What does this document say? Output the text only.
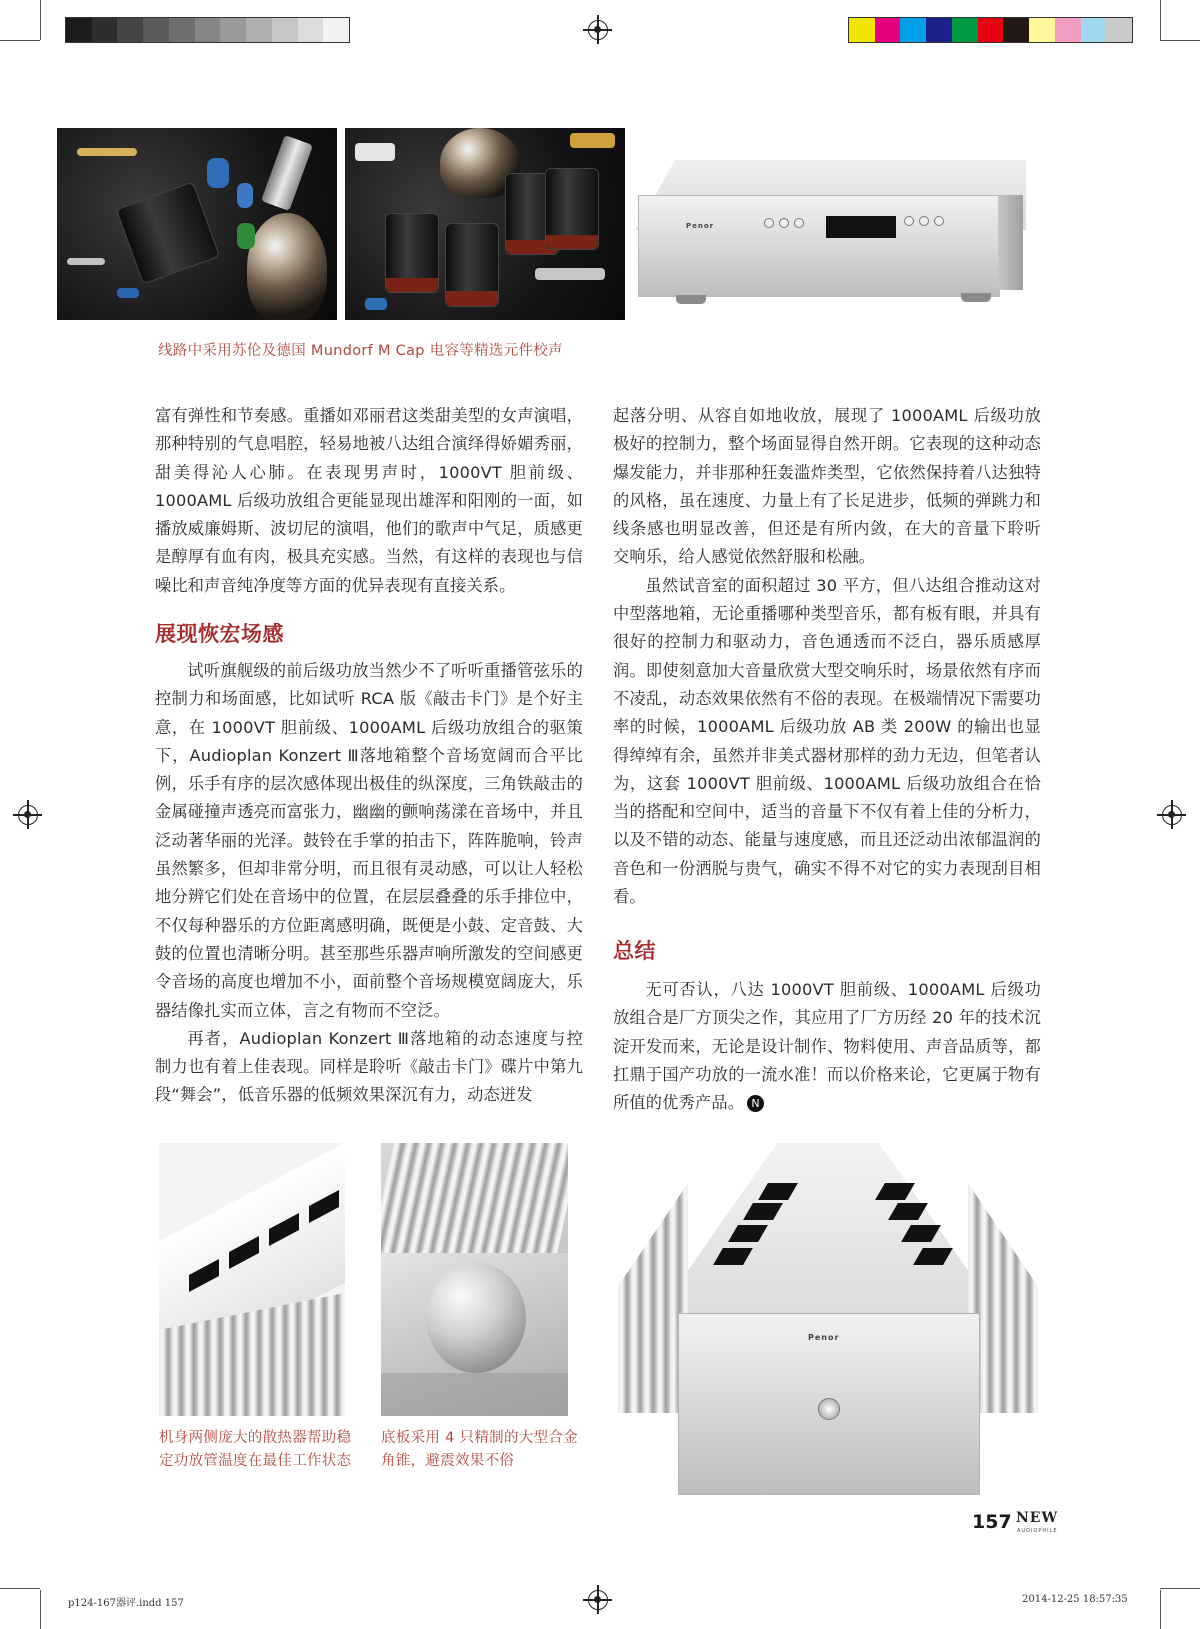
Penor
线路中采用苏伦及德国 Mundorf M Cap 电容等精选元件校声

富有弹性和节奏感。重播如邓丽君这类甜美型的女声演唱，那种特别的气息唱腔，轻易地被八达组合演绎得娇媚秀丽，甜美得沁人心肺。在表现男声时，1000VT 胆前级、1000AML 后级功放组合更能显现出雄浑和阳刚的一面，如播放威廉姆斯、波切尼的演唱，他们的歌声中气足，质感更是醇厚有血有肉，极具充实感。当然，有这样的表现也与信噪比和声音纯净度等方面的优异表现有直接关系。

展现恢宏场感

试听旗舰级的前后级功放当然少不了听听重播管弦乐的控制力和场面感，比如试听 RCA 版《敲击卡门》是个好主意，在 1000VT 胆前级、1000AML 后级功放组合的驱策下，Audioplan Konzert Ⅲ落地箱整个音场宽阔而合平比例，乐手有序的层次感体现出极佳的纵深度，三角铁敲击的金属碰撞声透亮而富张力，幽幽的颤响荡漾在音场中，并且泛动著华丽的光泽。鼓铃在手掌的拍击下，阵阵脆响，铃声虽然繁多，但却非常分明，而且很有灵动感，可以让人轻松地分辨它们处在音场中的位置，在层层叠叠的乐手排位中，不仅每种器乐的方位距离感明确，既便是小鼓、定音鼓、大鼓的位置也清晰分明。甚至那些乐器声响所激发的空间感更令音场的高度也增加不小，面前整个音场规模宽阔庞大，乐器结像扎实而立体，言之有物而不空泛。

再者，Audioplan Konzert Ⅲ落地箱的动态速度与控制力也有着上佳表现。同样是聆听《敲击卡门》碟片中第九段“舞会”，低音乐器的低频效果深沉有力，动态迸发

起落分明、从容自如地收放，展现了 1000AML 后级功放极好的控制力，整个场面显得自然开朗。它表现的这种动态爆发能力，并非那种狂轰滥炸类型，它依然保持着八达独特的风格，虽在速度、力量上有了长足进步，低频的弹跳力和线条感也明显改善，但还是有所内敛，在大的音量下聆听 交响乐，给人感觉依然舒服和松融。

虽然试音室的面积超过 30 平方，但八达组合推动这对中型落地箱，无论重播哪种类型音乐，都有板有眼，并具有很好的控制力和驱动力，音色通透而不泛白，器乐质感厚润。即使刻意加大音量欣赏大型交响乐时，场景依然有序而不凌乱，动态效果依然有不俗的表现。在极端情况下需要功率的时候，1000AML 后级功放 AB 类 200W 的输出也显得绰绰有余，虽然并非美式器材那样的劲力无边，但笔者认为，这套 1000VT 胆前级、1000AML 后级功放组合在恰当的搭配和空间中，适当的音量下不仅有着上佳的分析力，以及不错的动态、能量与速度感，而且还泛动出浓郁温润的音色和一份洒脱与贵气，确实不得不对它的实力表现刮目相看。

总结

无可否认，八达 1000VT 胆前级、1000AML 后级功放组合是厂方顶尖之作，其应用了厂方历经 20 年的技术沉淀开发而来，无论是设计制作、物料使用、声音品质等，都扛鼎于国产功放的一流水准！而以价格来论，它更属于物有所值的优秀产品。 N

Penor
机身两侧庞大的散热器帮助稳
定功放管温度在最佳工作状态
底板采用 4 只精制的大型合金
角锥，避震效果不俗
157 NEW
AUDIOPHILE
p124-167器评.indd 157	2014-12-25 18:57:35
